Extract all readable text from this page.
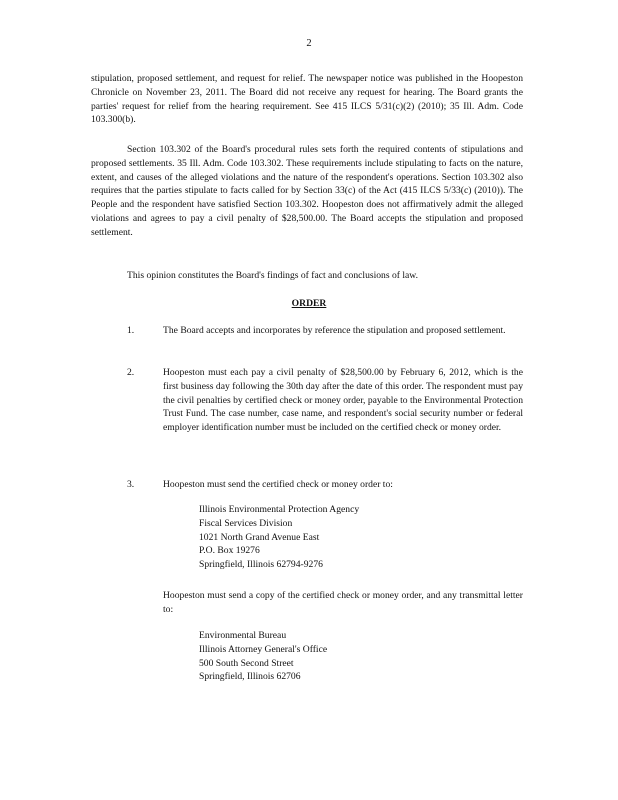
2

stipulation, proposed settlement, and request for relief. The newspaper notice was published in the Hoopeston Chronicle on November 23, 2011. The Board did not receive any request for hearing. The Board grants the parties' request for relief from the hearing requirement. See 415 ILCS 5/31(c)(2) (2010); 35 Ill. Adm. Code 103.300(b).

Section 103.302 of the Board's procedural rules sets forth the required contents of stipulations and proposed settlements. 35 Ill. Adm. Code 103.302. These requirements include stipulating to facts on the nature, extent, and causes of the alleged violations and the nature of the respondent's operations. Section 103.302 also requires that the parties stipulate to facts called for by Section 33(c) of the Act (415 ILCS 5/33(c) (2010)). The People and the respondent have satisfied Section 103.302. Hoopeston does not affirmatively admit the alleged violations and agrees to pay a civil penalty of $28,500.00. The Board accepts the stipulation and proposed settlement.

This opinion constitutes the Board's findings of fact and conclusions of law.

ORDER
1.	The Board accepts and incorporates by reference the stipulation and proposed settlement.
2.	Hoopeston must each pay a civil penalty of $28,500.00 by February 6, 2012, which is the first business day following the 30th day after the date of this order. The respondent must pay the civil penalties by certified check or money order, payable to the Environmental Protection Trust Fund. The case number, case name, and respondent's social security number or federal employer identification number must be included on the certified check or money order.
3.	Hoopeston must send the certified check or money order to:
Illinois Environmental Protection Agency
Fiscal Services Division
1021 North Grand Avenue East
P.O. Box 19276
Springfield, Illinois 62794-9276
Hoopeston must send a copy of the certified check or money order, and any transmittal letter to:
Environmental Bureau
Illinois Attorney General's Office
500 South Second Street
Springfield, Illinois 62706
